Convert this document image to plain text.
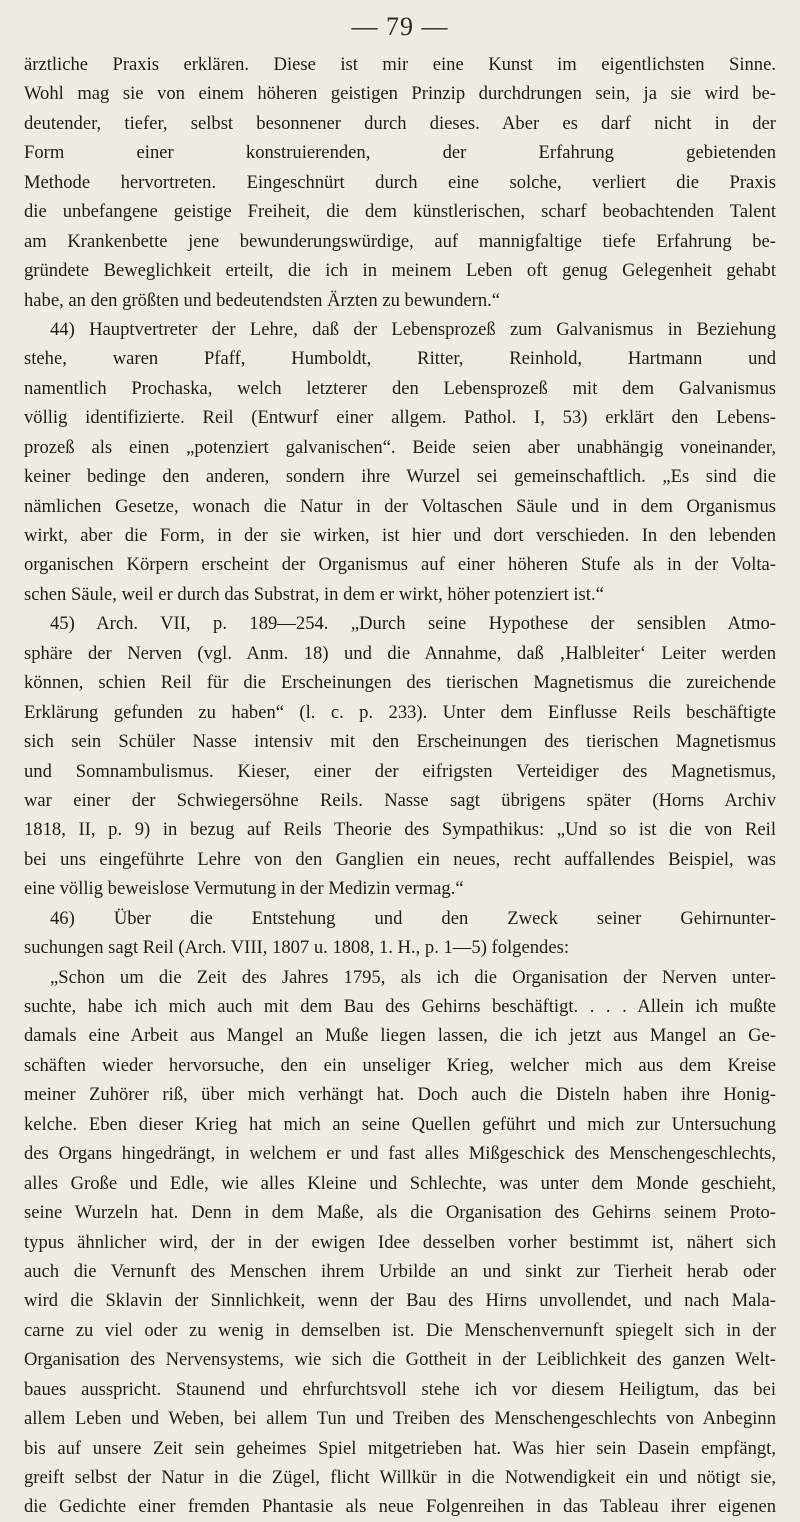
— 79 —
ärztliche Praxis erklären. Diese ist mir eine Kunst im eigentlichsten Sinne.
Wohl mag sie von einem höheren geistigen Prinzip durchdrungen sein, ja sie wird be-
deutender, tiefer, selbst besonnener durch dieses. Aber es darf nicht in der
Form einer konstruierenden, der Erfahrung gebietenden
Methode hervortreten. Eingeschnürt durch eine solche, verliert die Praxis
die unbefangene geistige Freiheit, die dem künstlerischen, scharf beobachtenden Talent
am Krankenbette jene bewunderungswürdige, auf mannigfaltige tiefe Erfahrung be-
gründete Beweglichkeit erteilt, die ich in meinem Leben oft genug Gelegenheit gehabt
habe, an den größten und bedeutendsten Ärzten zu bewundern.“
44) Hauptvertreter der Lehre, daß der Lebensprozeß zum Galvanismus in Beziehung
stehe, waren Pfaff, Humboldt, Ritter, Reinhold, Hartmann und
namentlich Prochaska, welch letzterer den Lebensprozeß mit dem Galvanismus
völlig identifizierte. Reil (Entwurf einer allgem. Pathol. I, 53) erklärt den Lebens-
prozeß als einen „potenziert galvanischen“. Beide seien aber unabhängig voneinander,
keiner bedinge den anderen, sondern ihre Wurzel sei gemeinschaftlich. „Es sind die
nämlichen Gesetze, wonach die Natur in der Voltaschen Säule und in dem Organismus
wirkt, aber die Form, in der sie wirken, ist hier und dort verschieden. In den lebenden
organischen Körpern erscheint der Organismus auf einer höheren Stufe als in der Volta-
schen Säule, weil er durch das Substrat, in dem er wirkt, höher potenziert ist.“
45) Arch. VII, p. 189—254. „Durch seine Hypothese der sensiblen Atmo-
sphäre der Nerven (vgl. Anm. 18) und die Annahme, daß ‚Halbleiter‘ Leiter werden
können, schien Reil für die Erscheinungen des tierischen Magnetismus die zureichende
Erklärung gefunden zu haben“ (l. c. p. 233). Unter dem Einflusse Reils beschäftigte
sich sein Schüler Nasse intensiv mit den Erscheinungen des tierischen Magnetismus
und Somnambulismus. Kieser, einer der eifrigsten Verteidiger des Magnetismus,
war einer der Schwiegersöhne Reils. Nasse sagt übrigens später (Horns Archiv
1818, II, p. 9) in bezug auf Reils Theorie des Sympathikus: „Und so ist die von Reil
bei uns eingeführte Lehre von den Ganglien ein neues, recht auffallendes Beispiel, was
eine völlig beweislose Vermutung in der Medizin vermag.“
46) Über die Entstehung und den Zweck seiner Gehirnunter-
suchungen sagt Reil (Arch. VIII, 1807 u. 1808, 1. H., p. 1—5) folgendes:
„Schon um die Zeit des Jahres 1795, als ich die Organisation der Nerven unter-
suchte, habe ich mich auch mit dem Bau des Gehirns beschäftigt. . . . Allein ich mußte
damals eine Arbeit aus Mangel an Muße liegen lassen, die ich jetzt aus Mangel an Ge-
schäften wieder hervorsuche, den ein unseliger Krieg, welcher mich aus dem Kreise
meiner Zuhörer riß, über mich verhängt hat. Doch auch die Disteln haben ihre Honig-
kelche. Eben dieser Krieg hat mich an seine Quellen geführt und mich zur Untersuchung
des Organs hingedrängt, in welchem er und fast alles Mißgeschick des Menschengeschlechts,
alles Große und Edle, wie alles Kleine und Schlechte, was unter dem Monde geschieht,
seine Wurzeln hat. Denn in dem Maße, als die Organisation des Gehirns seinem Proto-
typus ähnlicher wird, der in der ewigen Idee desselben vorher bestimmt ist, nähert sich
auch die Vernunft des Menschen ihrem Urbilde an und sinkt zur Tierheit herab oder
wird die Sklavin der Sinnlichkeit, wenn der Bau des Hirns unvollendet, und nach Mala-
carne zu viel oder zu wenig in demselben ist. Die Menschenvernunft spiegelt sich in der
Organisation des Nervensystems, wie sich die Gottheit in der Leiblichkeit des ganzen Welt-
baues ausspricht. Staunend und ehrfurchtsvoll stehe ich vor diesem Heiligtum, das bei
allem Leben und Weben, bei allem Tun und Treiben des Menschengeschlechts von Anbeginn
bis auf unsere Zeit sein geheimes Spiel mitgetrieben hat. Was hier sein Dasein empfängt,
greift selbst der Natur in die Zügel, flicht Willkür in die Notwendigkeit ein und nötigt sie,
die Gedichte einer fremden Phantasie als neue Folgenreihen in das Tableau ihrer eigenen
